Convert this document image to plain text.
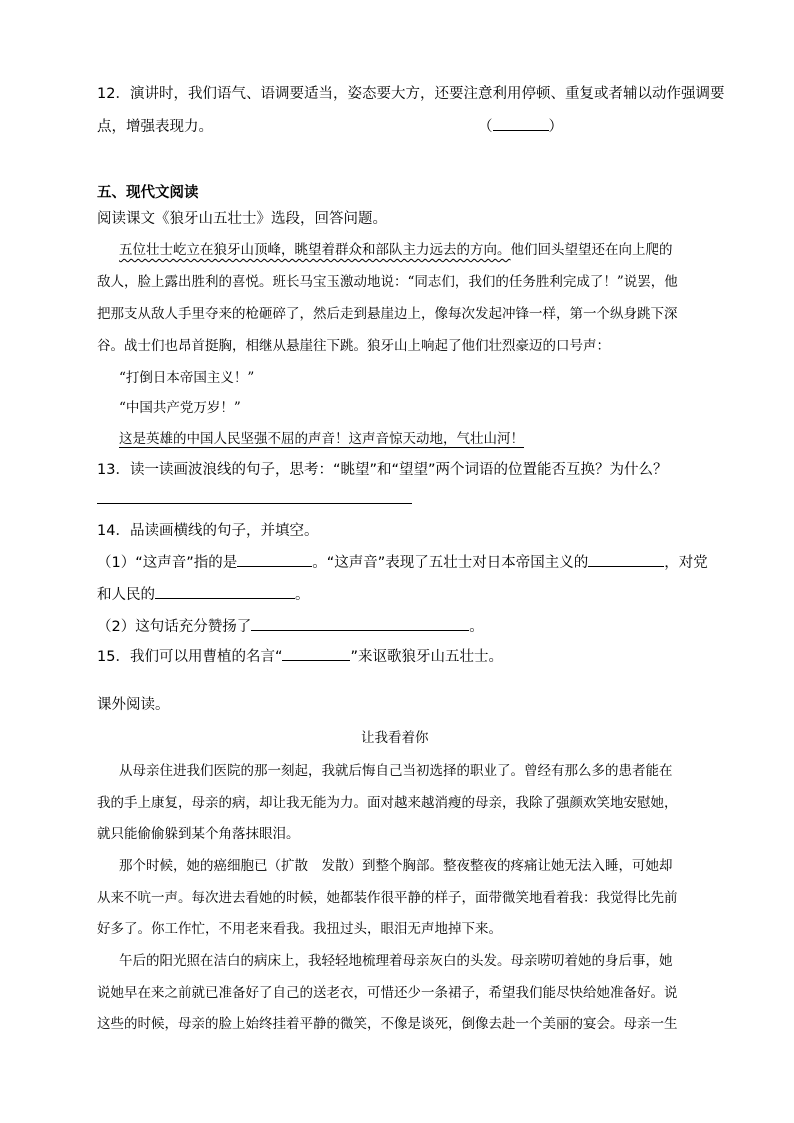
12．演讲时，我们语气、语调要适当，姿态要大方，还要注意利用停顿、重复或者辅以动作强调要
点，增强表现力。	（	）
五、现代文阅读
阅读课文《狼牙山五壮士》选段，回答问题。
五位壮士屹立在狼牙山顶峰，眺望着群众和部队主力远去的方向。他们回头望望还在向上爬的
敌人，脸上露出胜利的喜悦。班长马宝玉激动地说：“同志们，我们的任务胜利完成了！”说罢，他
把那支从敌人手里夺来的枪砸碎了，然后走到悬崖边上，像每次发起冲锋一样，第一个纵身跳下深
谷。战士们也昂首挺胸，相继从悬崖往下跳。狼牙山上响起了他们壮烈豪迈的口号声：
“打倒日本帝国主义！”
“中国共产党万岁！”
这是英雄的中国人民坚强不屈的声音！这声音惊天动地，气壮山河！
13．读一读画波浪线的句子，思考：“眺望”和“望望”两个词语的位置能否互换？为什么？
14．品读画横线的句子，并填空。
（1）“这声音”指的是	。“这声音”表现了五壮士对日本帝国主义的	，对党
和人民的	。
（2）这句话充分赞扬了	。
15．我们可以用曹植的名言“	”来讴歌狼牙山五壮士。
课外阅读。
让我看着你
从母亲住进我们医院的那一刻起，我就后悔自己当初选择的职业了。曾经有那么多的患者能在
我的手上康复，母亲的病，却让我无能为力。面对越来越消瘦的母亲，我除了强颜欢笑地安慰她，
就只能偷偷躲到某个角落抹眼泪。
那个时候，她的癌细胞已（扩散　发散）到整个胸部。整夜整夜的疼痛让她无法入睡，可她却
从来不吭一声。每次进去看她的时候，她都装作很平静的样子，面带微笑地看着我：我觉得比先前
好多了。你工作忙，不用老来看我。我扭过头，眼泪无声地掉下来。
午后的阳光照在洁白的病床上，我轻轻地梳理着母亲灰白的头发。母亲唠叨着她的身后事，她
说她早在来之前就已准备好了自己的送老衣，可惜还少一条裙子，希望我们能尽快给她准备好。说
这些的时候，母亲的脸上始终挂着平静的微笑，不像是谈死，倒像去赴一个美丽的宴会。母亲一生
